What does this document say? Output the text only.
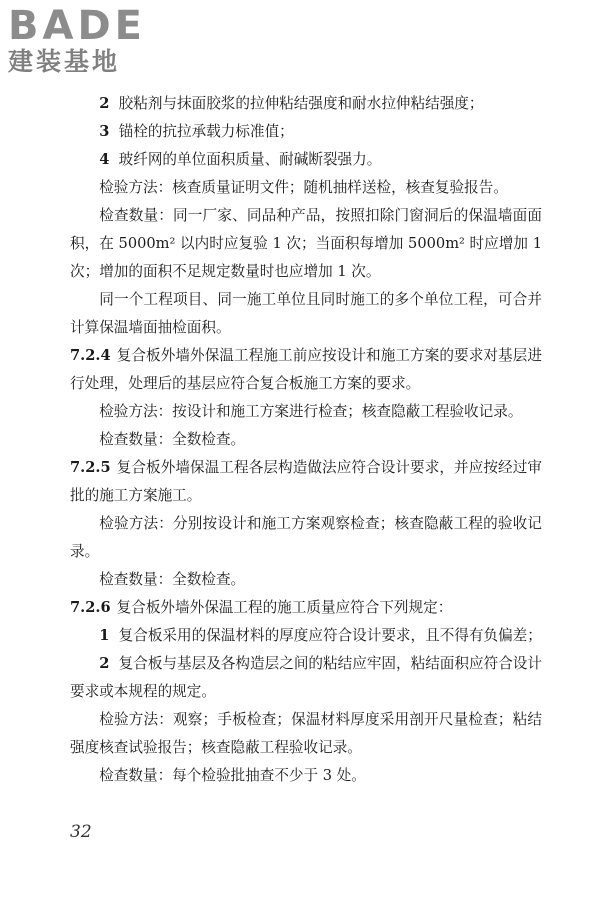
BADE
建装基地

2 胶粘剂与抹面胶浆的拉伸粘结强度和耐水拉伸粘结强度；

3 锚栓的抗拉承载力标准值；

4 玻纤网的单位面积质量、耐碱断裂强力。

检验方法：核查质量证明文件；随机抽样送检，核查复验报告。

检查数量：同一厂家、同品种产品，按照扣除门窗洞后的保温墙面面积，在 5000m² 以内时应复验 1 次；当面积每增加 5000m² 时应增加 1 次；增加的面积不足规定数量时也应增加 1 次。

同一个工程项目、同一施工单位且同时施工的多个单位工程，可合并计算保温墙面抽检面积。

7.2.4 复合板外墙外保温工程施工前应按设计和施工方案的要求对基层进行处理，处理后的基层应符合复合板施工方案的要求。

检验方法：按设计和施工方案进行检查；核查隐蔽工程验收记录。

检查数量：全数检查。

7.2.5 复合板外墙保温工程各层构造做法应符合设计要求，并应按经过审批的施工方案施工。

检验方法：分别按设计和施工方案观察检查；核查隐蔽工程的验收记录。

检查数量：全数检查。

7.2.6 复合板外墙外保温工程的施工质量应符合下列规定：

1 复合板采用的保温材料的厚度应符合设计要求，且不得有负偏差；

2 复合板与基层及各构造层之间的粘结应牢固，粘结面积应符合设计要求或本规程的规定。

检验方法：观察；手板检查；保温材料厚度采用剖开尺量检查；粘结强度核查试验报告；核查隐蔽工程验收记录。

检查数量：每个检验批抽查不少于 3 处。

32
